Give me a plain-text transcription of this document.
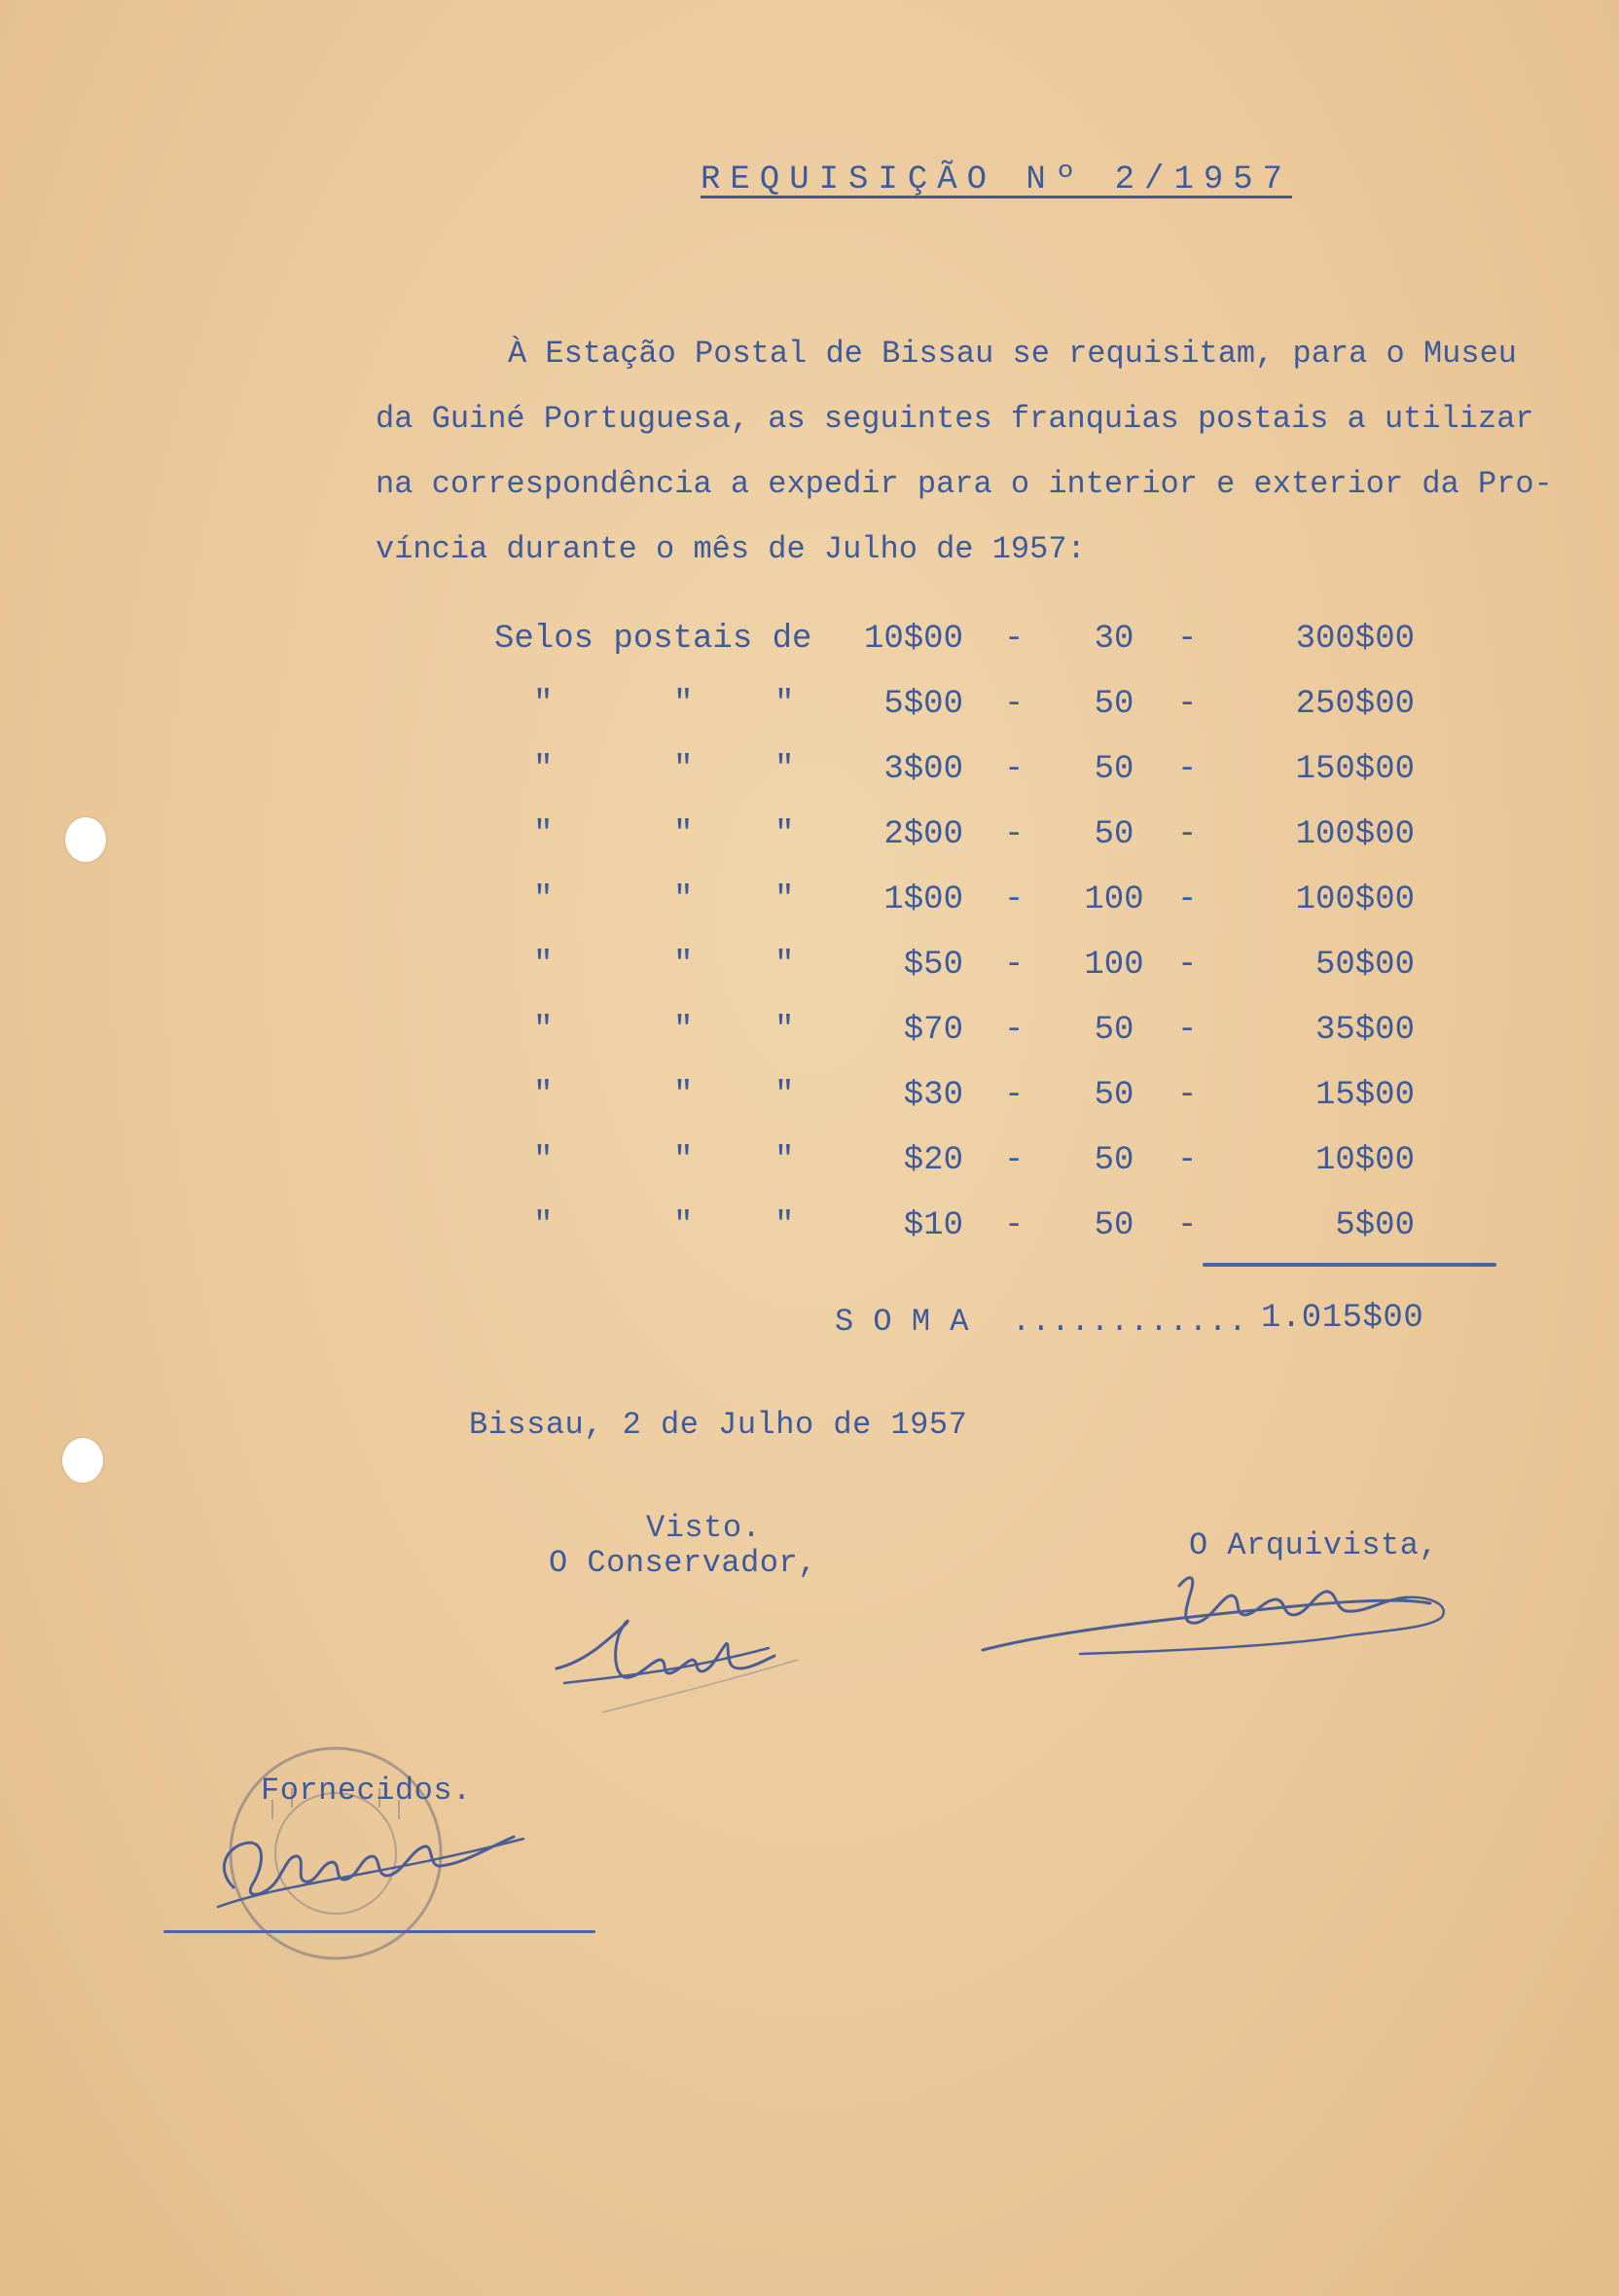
REQUISIÇÃO Nº 2/1957
À Estação Postal de Bissau se requisitam, para o Museu
da Guiné Portuguesa, as seguintes franquias postais a utilizar
na correspondência a expedir para o interior e exterior da Pro-
víncia durante o mês de Julho de 1957:
Selos postais de 10$00 -	30	-	300$00
"	" "	5$00 -	50	-	250$00
"	" "	3$00 -	50	-	150$00
"	" "	2$00 -	50	-	100$00
"	" "	1$00 -	100	-	100$00
"	" "	$50 -	100	-	50$00
"	" "	$70 -	50	-	35$00
"	" "	$30 -	50	-	15$00
"	" "	$20 -	50	-	10$00
"	" "	$10 -	50	-	5$00
S O M A ............ 1.015$00
Bissau, 2 de Julho de 1957
Visto.
O Conservador,	O Arquivista,
Fornecidos.
